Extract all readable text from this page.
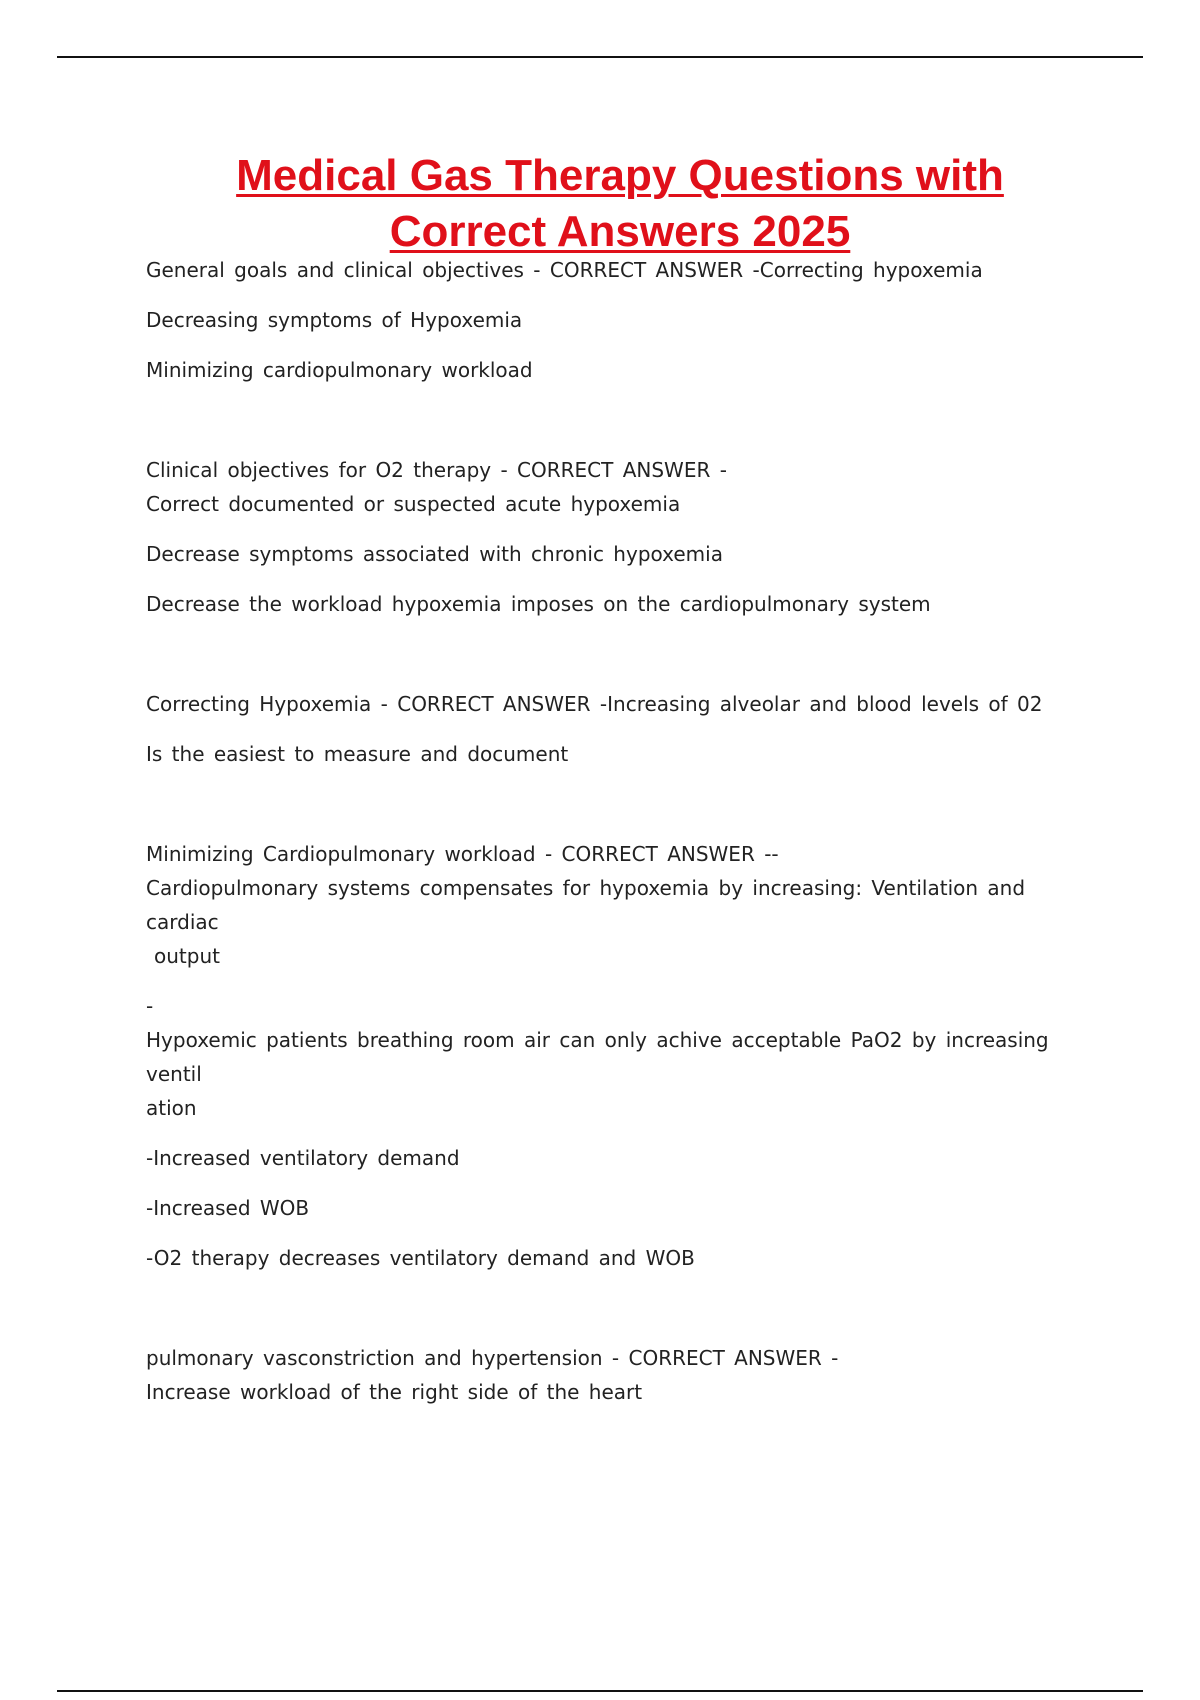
Medical Gas Therapy Questions with
Correct Answers 2025

General goals and clinical objectives - CORRECT ANSWER -Correcting hypoxemia

Decreasing symptoms of Hypoxemia

Minimizing cardiopulmonary workload

Clinical objectives for O2 therapy - CORRECT ANSWER -

Correct documented or suspected acute hypoxemia

Decrease symptoms associated with chronic hypoxemia

Decrease the workload hypoxemia imposes on the cardiopulmonary system

Correcting Hypoxemia - CORRECT ANSWER -Increasing alveolar and blood levels of 02

Is the easiest to measure and document

Minimizing Cardiopulmonary workload - CORRECT ANSWER --

Cardiopulmonary systems compensates for hypoxemia by increasing: Ventilation and cardiac

output

-

Hypoxemic patients breathing room air can only achive acceptable PaO2 by increasing ventil

ation

-Increased ventilatory demand

-Increased WOB

-O2 therapy decreases ventilatory demand and WOB

pulmonary vasconstriction and hypertension - CORRECT ANSWER -

Increase workload of the right side of the heart
